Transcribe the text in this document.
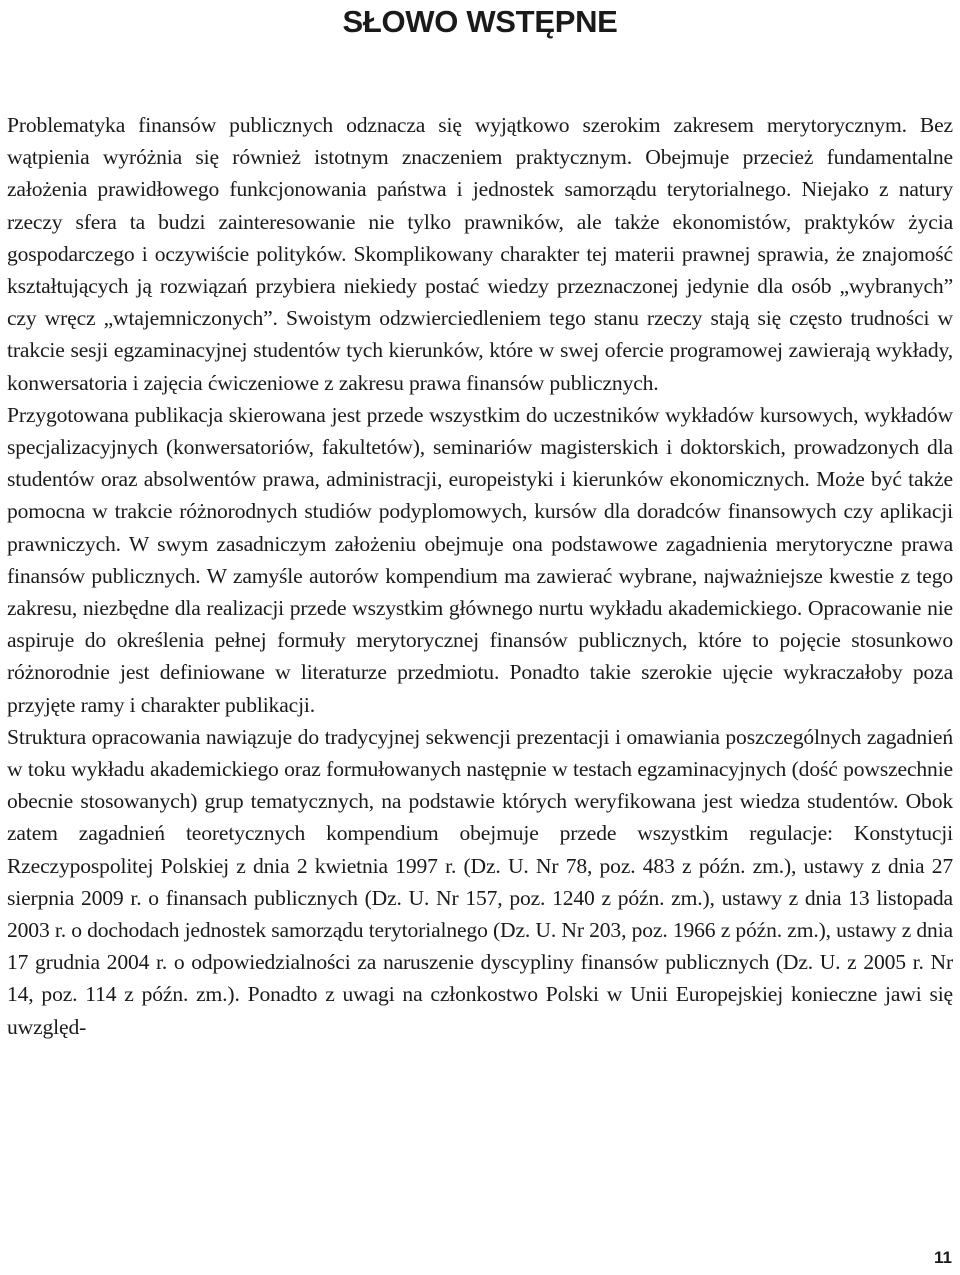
SŁOWO WSTĘPNE

Problematyka finansów publicznych odznacza się wyjątkowo szerokim zakresem merytorycznym. Bez wątpienia wyróżnia się również istotnym znaczeniem praktycznym. Obejmuje przecież fundamentalne założenia prawidłowego funkcjonowania państwa i jednostek samorządu terytorialnego. Niejako z natury rzeczy sfera ta budzi zainteresowanie nie tylko prawników, ale także ekonomistów, praktyków życia gospodarczego i oczywiście polityków. Skomplikowany charakter tej materii prawnej sprawia, że znajomość kształtujących ją rozwiązań przybiera niekiedy postać wiedzy przeznaczonej jedynie dla osób „wybranych” czy wręcz „wtajemniczonych”. Swoistym odzwierciedleniem tego stanu rzeczy stają się często trudności w trakcie sesji egzaminacyjnej studentów tych kierunków, które w swej ofercie programowej zawierają wykłady, konwersatoria i zajęcia ćwiczeniowe z zakresu prawa finansów publicznych.

Przygotowana publikacja skierowana jest przede wszystkim do uczestników wykładów kursowych, wykładów specjalizacyjnych (konwersatoriów, fakultetów), seminariów magisterskich i doktorskich, prowadzonych dla studentów oraz absolwentów prawa, administracji, europeistyki i kierunków ekonomicznych. Może być także pomocna w trakcie różnorodnych studiów podyplomowych, kursów dla doradców finansowych czy aplikacji prawniczych. W swym zasadniczym założeniu obejmuje ona podstawowe zagadnienia merytoryczne prawa finansów publicznych. W zamyśle autorów kompendium ma zawierać wybrane, najważniejsze kwestie z tego zakresu, niezbędne dla realizacji przede wszystkim głównego nurtu wykładu akademickiego. Opracowanie nie aspiruje do określenia pełnej formuły merytorycznej finansów publicznych, które to pojęcie stosunkowo różnorodnie jest definiowane w literaturze przedmiotu. Ponadto takie szerokie ujęcie wykraczałoby poza przyjęte ramy i charakter publikacji.

Struktura opracowania nawiązuje do tradycyjnej sekwencji prezentacji i omawiania poszczególnych zagadnień w toku wykładu akademickiego oraz formułowanych następnie w testach egzaminacyjnych (dość powszechnie obecnie stosowanych) grup tematycznych, na podstawie których weryfikowana jest wiedza studentów. Obok zatem zagadnień teoretycznych kompendium obejmuje przede wszystkim regulacje: Konstytucji Rzeczypospolitej Polskiej z dnia 2 kwietnia 1997 r. (Dz. U. Nr 78, poz. 483 z późn. zm.), ustawy z dnia 27 sierpnia 2009 r. o finansach publicznych (Dz. U. Nr 157, poz. 1240 z późn. zm.), ustawy z dnia 13 listopada 2003 r. o dochodach jednostek samorządu terytorialnego (Dz. U. Nr 203, poz. 1966 z późn. zm.), ustawy z dnia 17 grudnia 2004 r. o odpowiedzialności za naruszenie dyscypliny finansów publicznych (Dz. U. z 2005 r. Nr 14, poz. 114 z późn. zm.). Ponadto z uwagi na członkostwo Polski w Unii Europejskiej konieczne jawi się uwzględ-

11
